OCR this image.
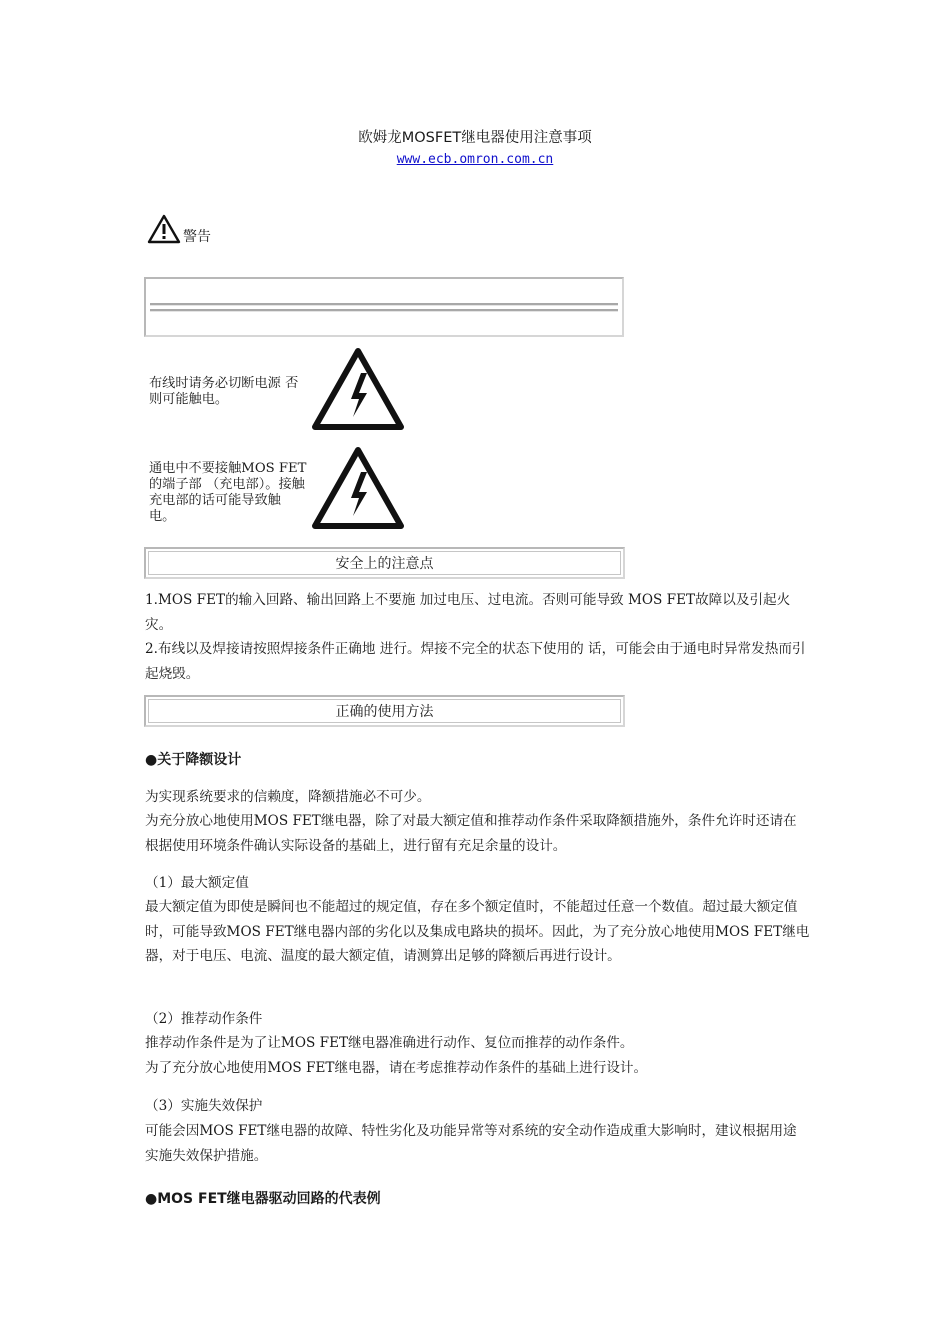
欧姆龙MOSFET继电器使用注意事项
www.ecb.omron.com.cn
警告
布线时请务必切断电源 否则可能触电。
通电中不要接触MOS FET的端子部 （充电部）。接触充电部的话可能导致触电。
安全上的注意点
1.MOS FET的输入回路、输出回路上不要施 加过电压、过电流。否则可能导致 MOS FET故障以及引起火灾。
2.布线以及焊接请按照焊接条件正确地 进行。焊接不完全的状态下使用的 话，可能会由于通电时异常发热而引起烧毁。
正确的使用方法
●关于降额设计
为实现系统要求的信赖度，降额措施必不可少。
为充分放心地使用MOS FET继电器，除了对最大额定值和推荐动作条件采取降额措施外，条件允许时还请在根据使用环境条件确认实际设备的基础上，进行留有充足余量的设计。
（1）最大额定值
最大额定值为即使是瞬间也不能超过的规定值，存在多个额定值时，不能超过任意一个数值。超过最大额定值时，可能导致MOS FET继电器内部的劣化以及集成电路块的损坏。因此，为了充分放心地使用MOS FET继电器，对于电压、电流、温度的最大额定值，请测算出足够的降额后再进行设计。
（2）推荐动作条件
推荐动作条件是为了让MOS FET继电器准确进行动作、复位而推荐的动作条件。
为了充分放心地使用MOS FET继电器，请在考虑推荐动作条件的基础上进行设计。
（3）实施失效保护
可能会因MOS FET继电器的故障、特性劣化及功能异常等对系统的安全动作造成重大影响时，建议根据用途实施失效保护措施。
●MOS FET继电器驱动回路的代表例
